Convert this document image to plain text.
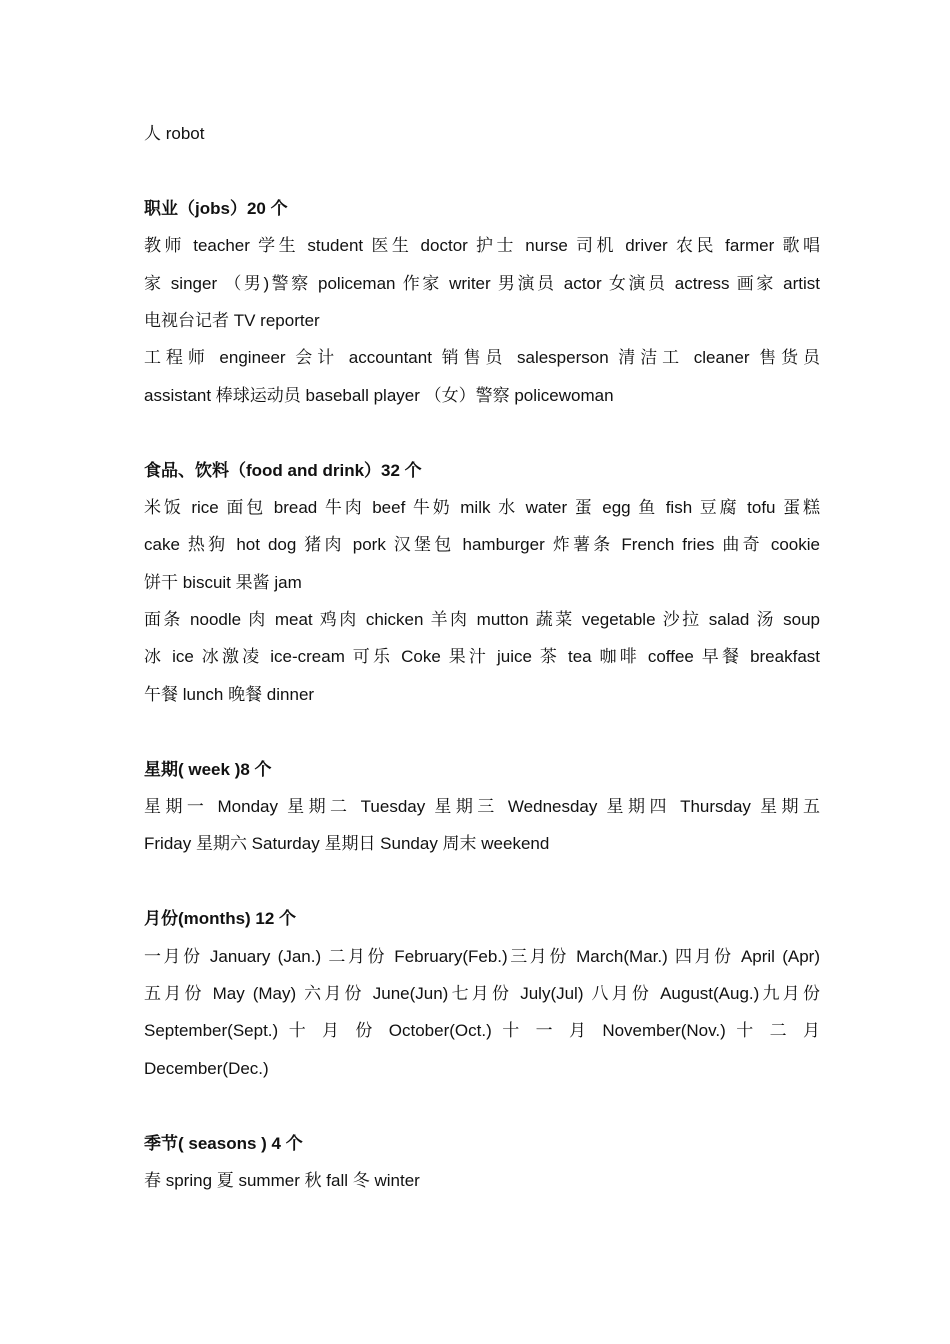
人 robot
职业（jobs）20 个
教师 teacher 学生 student 医生 doctor 护士 nurse 司机 driver 农民 farmer 歌唱
家 singer （男)警察 policeman 作家 writer 男演员 actor 女演员 actress 画家 artist
电视台记者 TV reporter
工程师 engineer 会计 accountant 销售员 salesperson 清洁工 cleaner 售货员
assistant 棒球运动员 baseball player （女）警察 policewoman
食品、饮料（food and drink）32 个
米饭 rice 面包 bread 牛肉 beef 牛奶 milk 水 water 蛋 egg 鱼 fish 豆腐 tofu 蛋糕
cake 热狗 hot dog 猪肉 pork 汉堡包 hamburger 炸薯条 French fries 曲奇 cookie
饼干 biscuit 果酱 jam
面条 noodle 肉 meat 鸡肉 chicken 羊肉 mutton 蔬菜 vegetable 沙拉 salad 汤 soup
冰 ice 冰激凌 ice-cream 可乐 Coke 果汁 juice 茶 tea 咖啡 coffee 早餐 breakfast
午餐 lunch 晚餐 dinner
星期( week )8 个
星期一 Monday 星期二 Tuesday 星期三 Wednesday 星期四 Thursday 星期五
Friday 星期六 Saturday 星期日 Sunday 周末 weekend
月份(months) 12 个
一月份 January (Jan.) 二月份 February(Feb.)三月份 March(Mar.) 四月份 April (Apr)
五月份 May (May) 六月份 June(Jun)七月份 July(Jul) 八月份 August(Aug.)九月份
September(Sept.) 十 月 份 October(Oct.) 十 一 月 November(Nov.) 十 二 月
December(Dec.)
季节( seasons ) 4 个
春 spring 夏 summer 秋 fall 冬 winter
